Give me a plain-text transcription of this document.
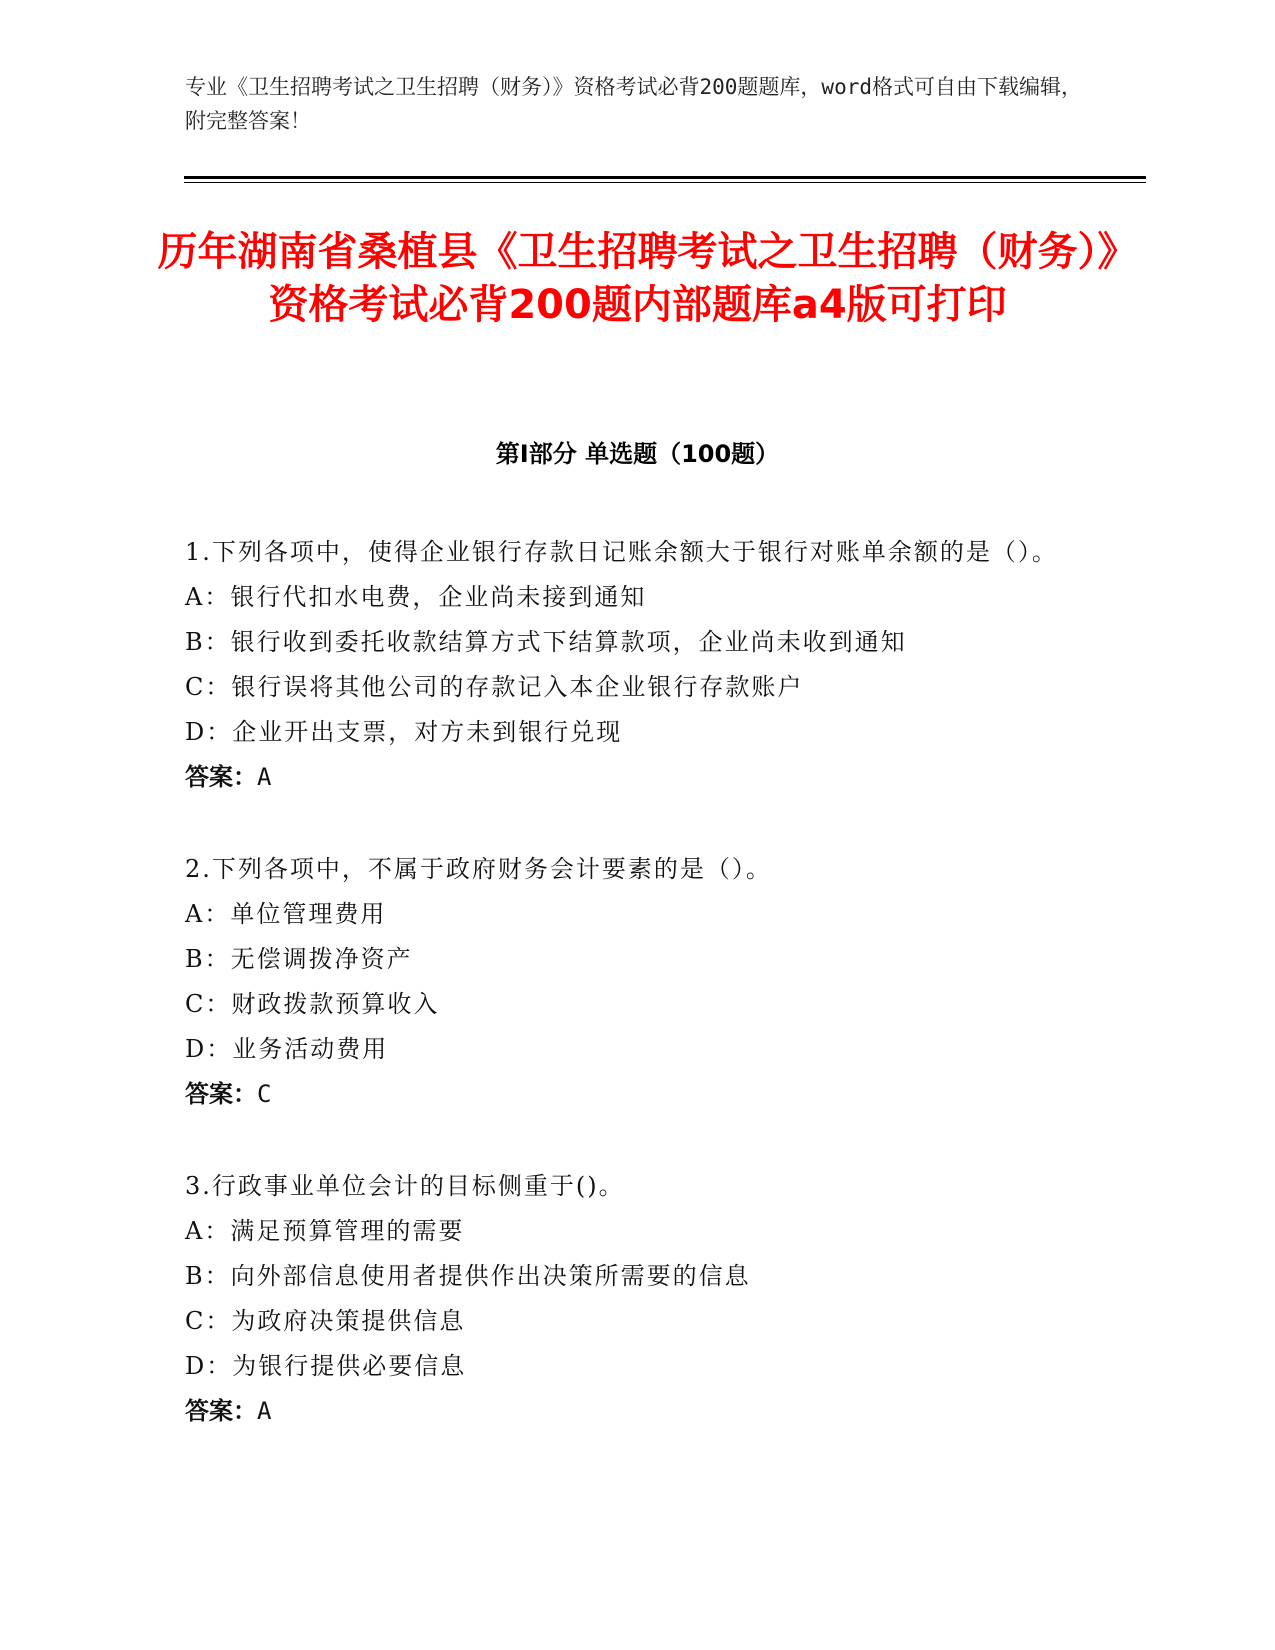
专业《卫生招聘考试之卫生招聘（财务）》资格考试必背200题题库，word格式可自由下载编辑，附完整答案！
历年湖南省桑植县《卫生招聘考试之卫生招聘（财务）》资格考试必背200题内部题库a4版可打印
第I部分 单选题（100题）
1.下列各项中，使得企业银行存款日记账余额大于银行对账单余额的是（）。
A：银行代扣水电费，企业尚未接到通知
B：银行收到委托收款结算方式下结算款项，企业尚未收到通知
C：银行误将其他公司的存款记入本企业银行存款账户
D：企业开出支票，对方未到银行兑现
答案：A
2.下列各项中，不属于政府财务会计要素的是（）。
A：单位管理费用
B：无偿调拨净资产
C：财政拨款预算收入
D：业务活动费用
答案：C
3.行政事业单位会计的目标侧重于()。
A：满足预算管理的需要
B：向外部信息使用者提供作出决策所需要的信息
C：为政府决策提供信息
D：为银行提供必要信息
答案：A
